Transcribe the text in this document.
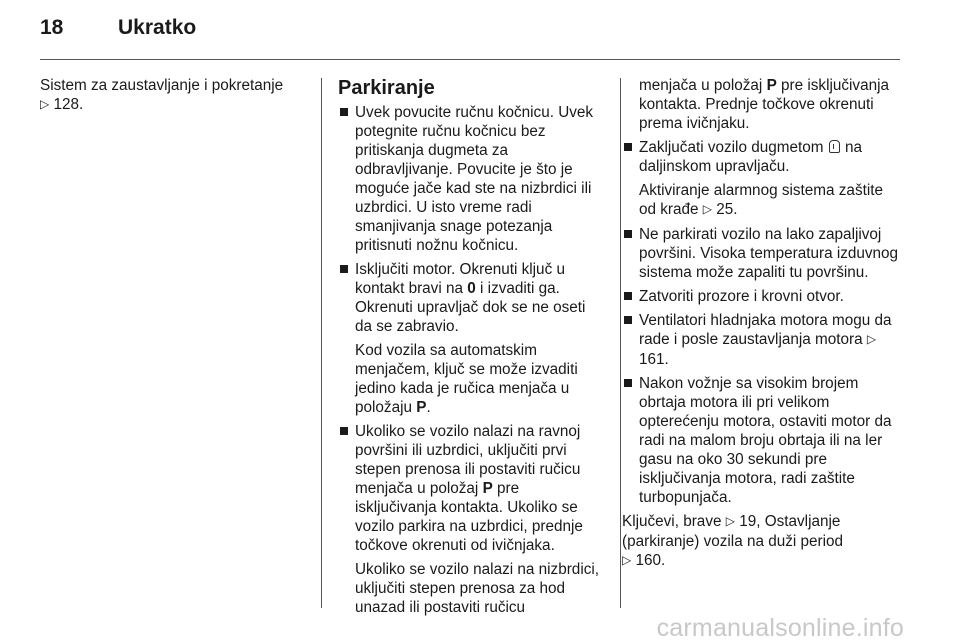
18	Ukratko
Sistem za zaustavljanje i pokretanje
▷ 128.
Parkiranje
Uvek povucite ručnu kočnicu. Uvek potegnite ručnu kočnicu bez pritiskanja dugmeta za odbravljivanje. Povucite je što je moguće jače kad ste na nizbrdici ili uzbrdici. U isto vreme radi smanjivanja snage potezanja pritisnuti nožnu kočnicu.
Isključiti motor. Okrenuti ključ u kontakt bravi na 0 i izvaditi ga. Okrenuti upravljač dok se ne oseti da se zabravio.
Kod vozila sa automatskim menjačem, ključ se može izvaditi jedino kada je ručica menjača u položaju P.
Ukoliko se vozilo nalazi na ravnoj površini ili uzbrdici, uključiti prvi stepen prenosa ili postaviti ručicu menjača u položaj P pre isključivanja kontakta. Ukoliko se vozilo parkira na uzbrdici, prednje točkove okrenuti od ivičnjaka.
Ukoliko se vozilo nalazi na nizbrdici, uključiti stepen prenosa za hod unazad ili postaviti ručicu
menjača u položaj P pre isključivanja kontakta. Prednje točkove okrenuti prema ivičnjaku.
Zaključati vozilo dugmetom na daljinskom upravljaču.
Aktiviranje alarmnog sistema zaštite od krađe ▷ 25.
Ne parkirati vozilo na lako zapaljivoj površini. Visoka temperatura izduvnog sistema može zapaliti tu površinu.
Zatvoriti prozore i krovni otvor.
Ventilatori hladnjaka motora mogu da rade i posle zaustavljanja motora ▷ 161.
Nakon vožnje sa visokim brojem obrtaja motora ili pri velikom opterećenju motora, ostaviti motor da radi na malom broju obrtaja ili na ler gasu na oko 30 sekundi pre isključivanja motora, radi zaštite turbopunjača.
Ključevi, brave ▷ 19, Ostavljanje (parkiranje) vozila na duži period
▷ 160.
carmanualsonline.info
